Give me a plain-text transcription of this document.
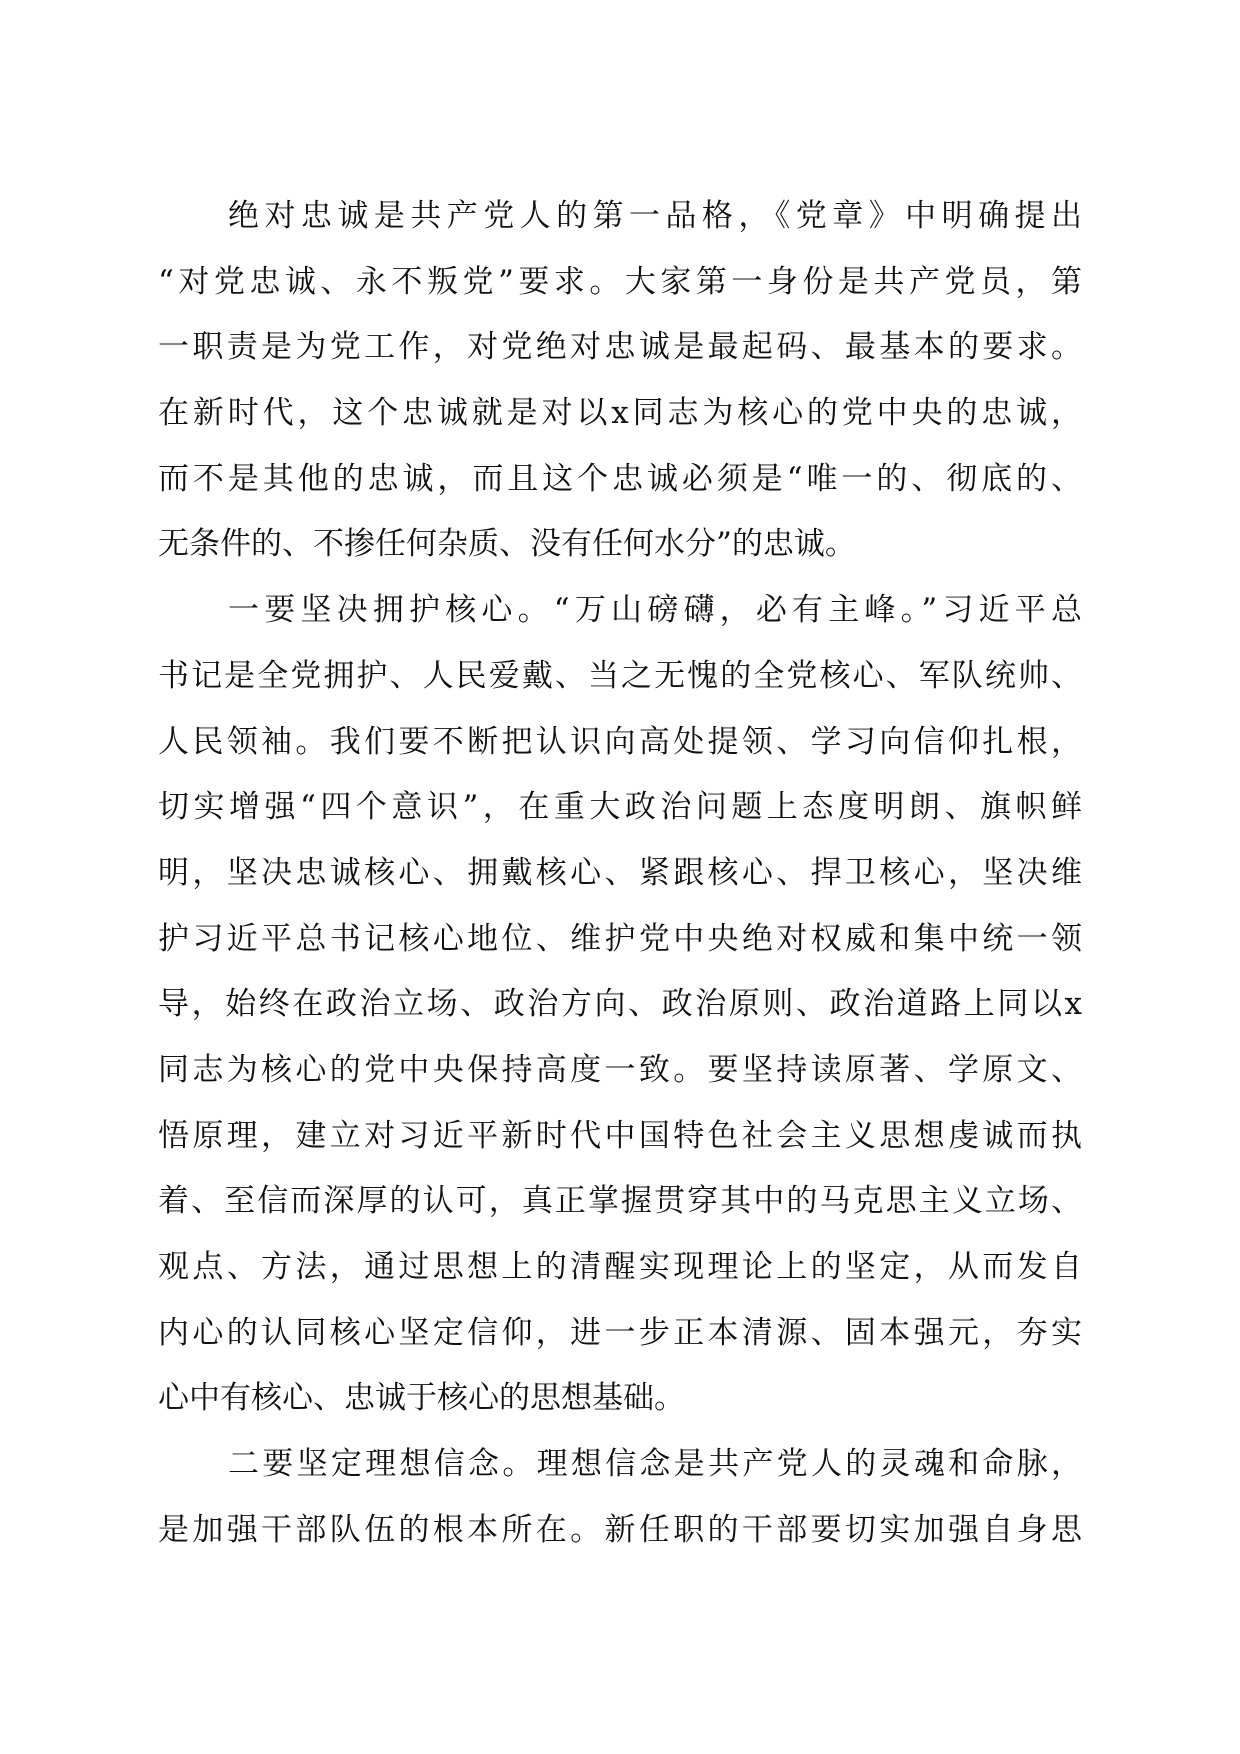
绝对忠诚是共产党人的第一品格，《党章》中明确提出
“对党忠诚、永不叛党”要求。大家第一身份是共产党员，第
一职责是为党工作，对党绝对忠诚是最起码、最基本的要求。
在新时代，这个忠诚就是对以x同志为核心的党中央的忠诚，
而不是其他的忠诚，而且这个忠诚必须是“唯一的、彻底的、
无条件的、不掺任何杂质、没有任何水分”的忠诚。
一要坚决拥护核心。“万山磅礴，必有主峰。”习近平总
书记是全党拥护、人民爱戴、当之无愧的全党核心、军队统帅、
人民领袖。我们要不断把认识向高处提领、学习向信仰扎根，
切实增强“四个意识”，在重大政治问题上态度明朗、旗帜鲜
明，坚决忠诚核心、拥戴核心、紧跟核心、捍卫核心，坚决维
护习近平总书记核心地位、维护党中央绝对权威和集中统一领
导，始终在政治立场、政治方向、政治原则、政治道路上同以x
同志为核心的党中央保持高度一致。要坚持读原著、学原文、
悟原理，建立对习近平新时代中国特色社会主义思想虔诚而执
着、至信而深厚的认可，真正掌握贯穿其中的马克思主义立场、
观点、方法，通过思想上的清醒实现理论上的坚定，从而发自
内心的认同核心坚定信仰，进一步正本清源、固本强元，夯实
心中有核心、忠诚于核心的思想基础。
二要坚定理想信念。理想信念是共产党人的灵魂和命脉，
是加强干部队伍的根本所在。新任职的干部要切实加强自身思
